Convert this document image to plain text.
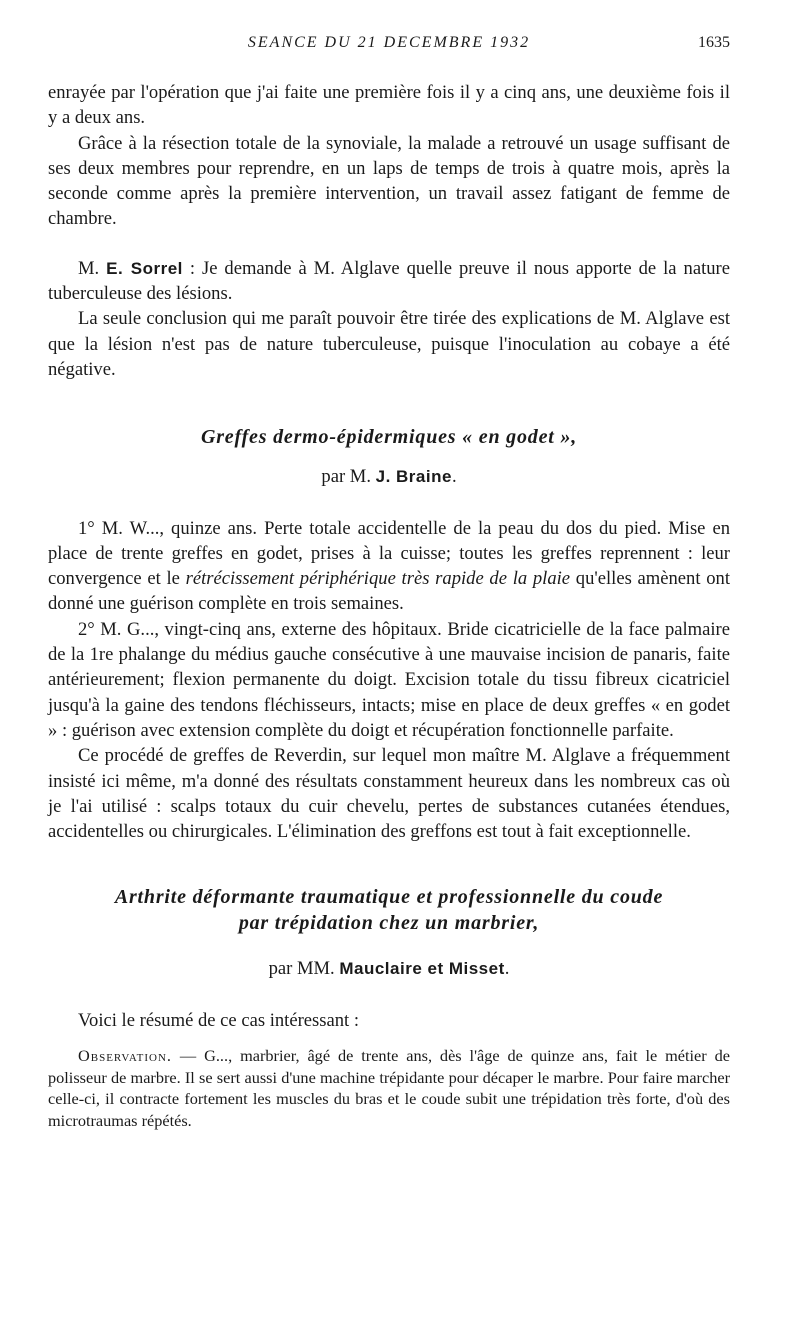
SEANCE DU 21 DECEMBRE 1932	1635

enrayée par l'opération que j'ai faite une première fois il y a cinq ans, une deuxième fois il y a deux ans.

Grâce à la résection totale de la synoviale, la malade a retrouvé un usage suffisant de ses deux membres pour reprendre, en un laps de temps de trois à quatre mois, après la seconde comme après la première intervention, un travail assez fatigant de femme de chambre.

M. E. Sorrel : Je demande à M. Alglave quelle preuve il nous apporte de la nature tuberculeuse des lésions.

La seule conclusion qui me paraît pouvoir être tirée des explications de M. Alglave est que la lésion n'est pas de nature tuberculeuse, puisque l'inoculation au cobaye a été négative.

Greffes dermo-épidermiques « en godet »,
par M. J. Braine.

1° M. W..., quinze ans. Perte totale accidentelle de la peau du dos du pied. Mise en place de trente greffes en godet, prises à la cuisse; toutes les greffes reprennent : leur convergence et le rétrécissement périphérique très rapide de la plaie qu'elles amènent ont donné une guérison complète en trois semaines.

2° M. G..., vingt-cinq ans, externe des hôpitaux. Bride cicatricielle de la face palmaire de la 1re phalange du médius gauche consécutive à une mauvaise incision de panaris, faite antérieurement; flexion permanente du doigt. Excision totale du tissu fibreux cicatriciel jusqu'à la gaine des tendons fléchisseurs, intacts; mise en place de deux greffes « en godet » : guérison avec extension complète du doigt et récupération fonctionnelle parfaite.

Ce procédé de greffes de Reverdin, sur lequel mon maître M. Alglave a fréquemment insisté ici même, m'a donné des résultats constamment heureux dans les nombreux cas où je l'ai utilisé : scalps totaux du cuir chevelu, pertes de substances cutanées étendues, accidentelles ou chirurgicales. L'élimination des greffons est tout à fait exceptionnelle.

Arthrite déformante traumatique et professionnelle du coude
par trépidation chez un marbrier,
par MM. Mauclaire et Misset.

Voici le résumé de ce cas intéressant :

Observation. — G..., marbrier, âgé de trente ans, dès l'âge de quinze ans, fait le métier de polisseur de marbre. Il se sert aussi d'une machine trépidante pour décaper le marbre. Pour faire marcher celle-ci, il contracte fortement les muscles du bras et le coude subit une trépidation très forte, d'où des microtraumas répétés.
